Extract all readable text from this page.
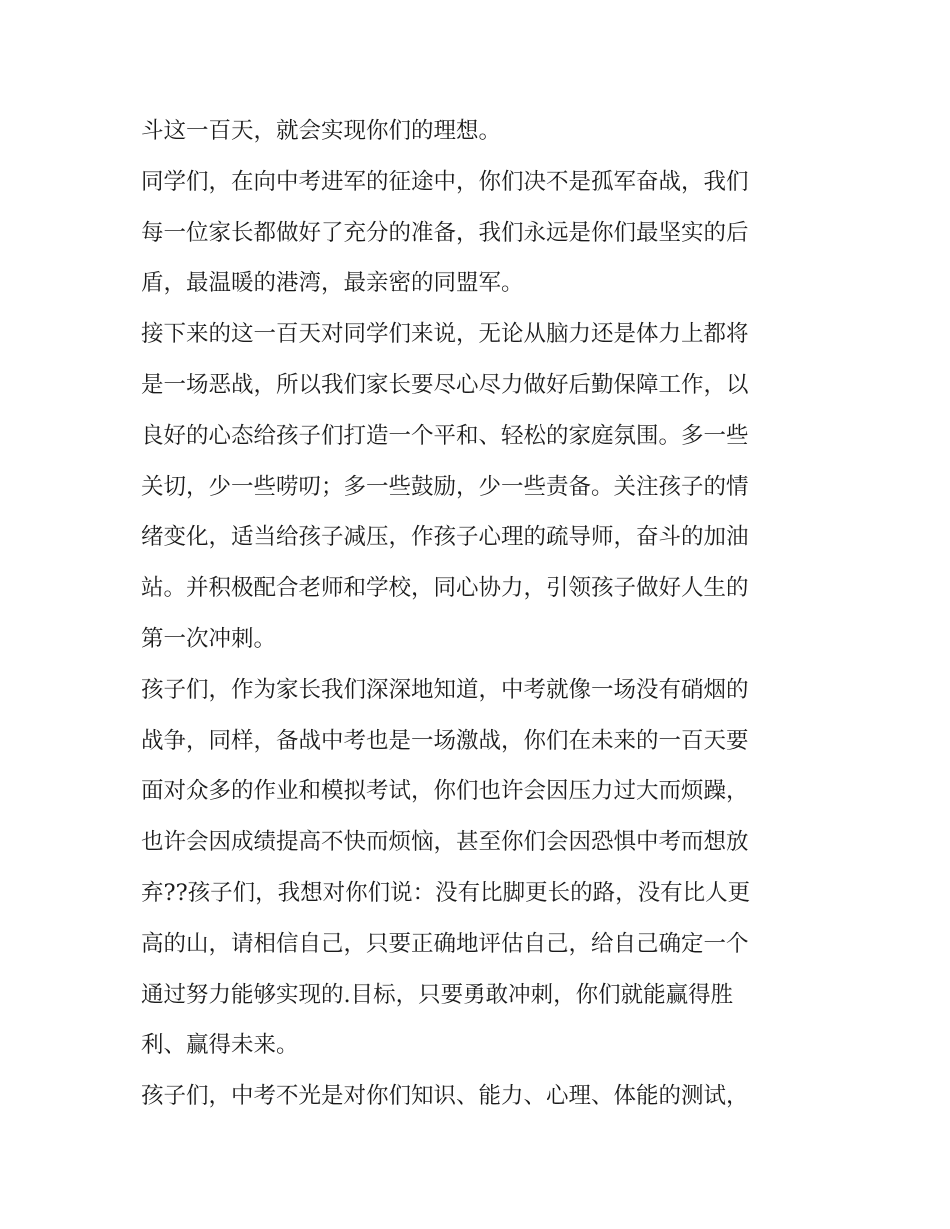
斗这一百天，就会实现你们的理想。
同学们，在向中考进军的征途中，你们决不是孤军奋战，我们
每一位家长都做好了充分的准备，我们永远是你们最坚实的后
盾，最温暖的港湾，最亲密的同盟军。
接下来的这一百天对同学们来说，无论从脑力还是体力上都将
是一场恶战，所以我们家长要尽心尽力做好后勤保障工作，以
良好的心态给孩子们打造一个平和、轻松的家庭氛围。多一些
关切，少一些唠叨；多一些鼓励，少一些责备。关注孩子的情
绪变化，适当给孩子减压，作孩子心理的疏导师，奋斗的加油
站。并积极配合老师和学校，同心协力，引领孩子做好人生的
第一次冲刺。
孩子们，作为家长我们深深地知道，中考就像一场没有硝烟的
战争，同样，备战中考也是一场激战，你们在未来的一百天要
面对众多的作业和模拟考试，你们也许会因压力过大而烦躁，
也许会因成绩提高不快而烦恼，甚至你们会因恐惧中考而想放
弃??孩子们，我想对你们说：没有比脚更长的路，没有比人更
高的山，请相信自己，只要正确地评估自己，给自己确定一个
通过努力能够实现的.目标，只要勇敢冲刺，你们就能赢得胜
利、赢得未来。
孩子们，中考不光是对你们知识、能力、心理、体能的测试，
